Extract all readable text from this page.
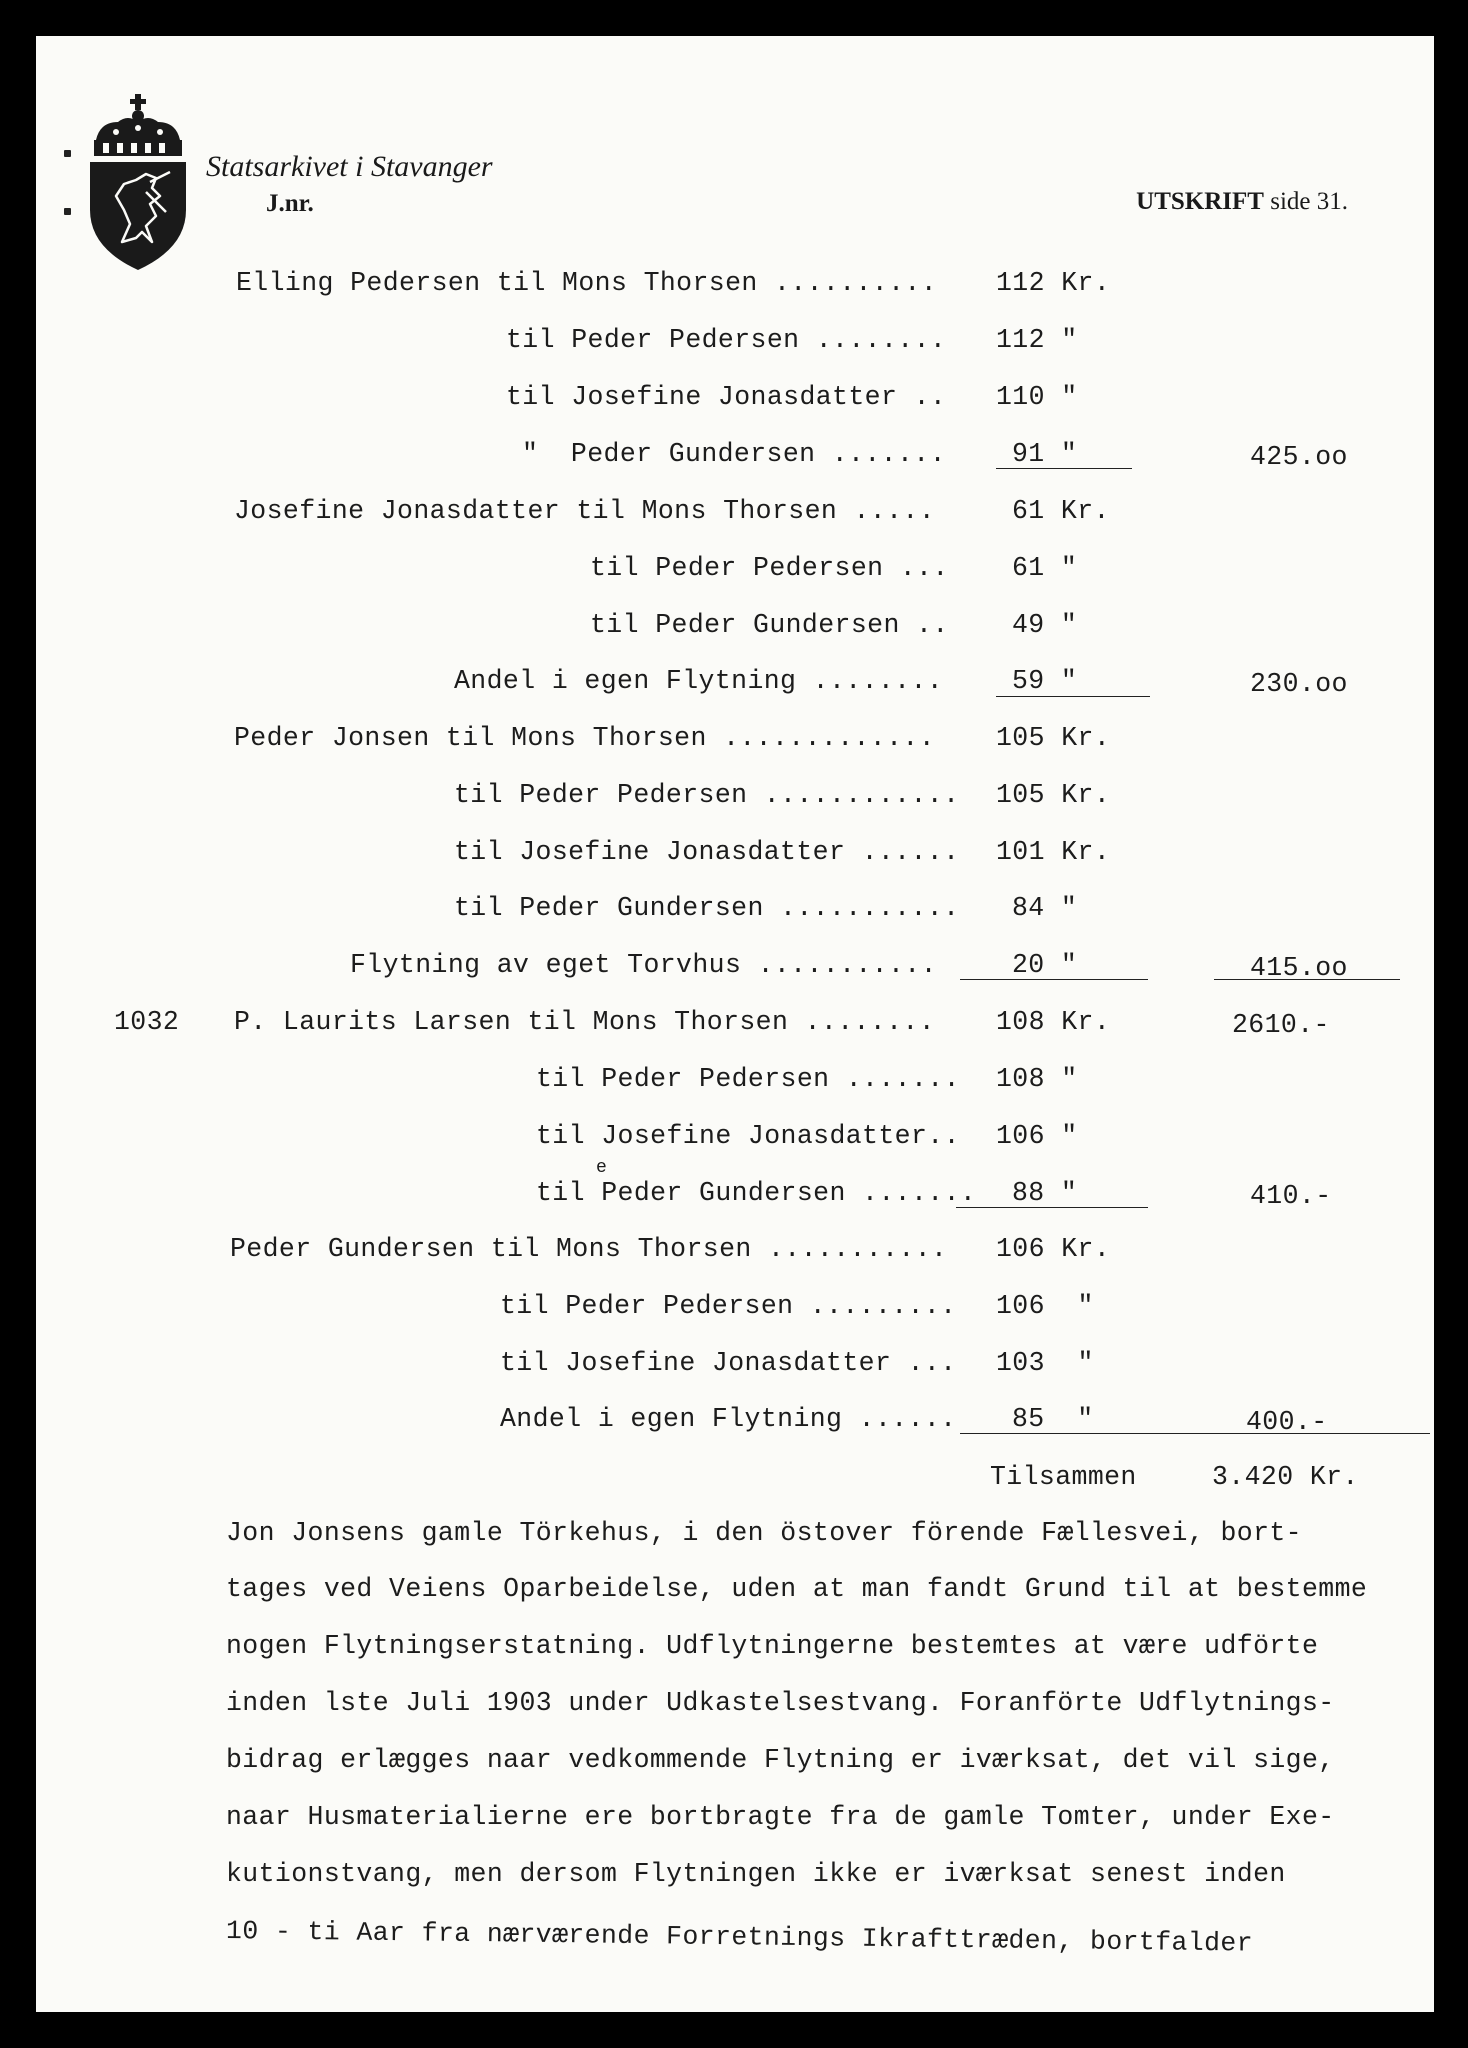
Statsarkivet i Stavanger
J.nr.	UTSKRIFT side 31.
Elling Pedersen til Mons Thorsen .......... 112 Kr.
til Peder Pedersen ........ 112 "
til Josefine Jonasdatter .. 110 "
"  Peder Gundersen ....... 91 "	425.oo
Josefine Jonasdatter til Mons Thorsen .....	61 Kr.
til Peder Pedersen ... 61 "
til Peder Gundersen .. 49 "
Andel i egen Flytning ........	59 "	230.oo
Peder Jonsen til Mons Thorsen ............. 105 Kr.
til Peder Pedersen ............ 105 Kr.
til Josefine Jonasdatter ...... 101 Kr.
til Peder Gundersen ........... 84 "
Flytning av eget Torvhus ...........	20 "	415.oo
1032 P. Laurits Larsen til Mons Thorsen ........ 108 Kr.	2610.-
til Peder Pedersen ....... 108 "
til Josefine Jonasdatter.. 106 "
til Peder Gundersen ....... 88 "	410.-
e
Peder Gundersen til Mons Thorsen ........... 106 Kr.
til Peder Pedersen ......... 106  "
til Josefine Jonasdatter ... 103  "
Andel i egen Flytning ...... 85  "	400.-
Tilsammen	3.420 Kr.
Jon Jonsens gamle Törkehus, i den östover förende Fællesvei, bort-
tages ved Veiens Oparbeidelse, uden at man fandt Grund til at bestemme
nogen Flytningserstatning. Udflytningerne bestemtes at være udförte
inden lste Juli 1903 under Udkastelsestvang. Foranförte Udflytnings-
bidrag erlægges naar vedkommende Flytning er iværksat, det vil sige,
naar Husmaterialierne ere bortbragte fra de gamle Tomter, under Exe-
kutionstvang, men dersom Flytningen ikke er iværksat senest inden
10 - ti Aar fra nærværende Forretnings Ikrafttræden, bortfalder
